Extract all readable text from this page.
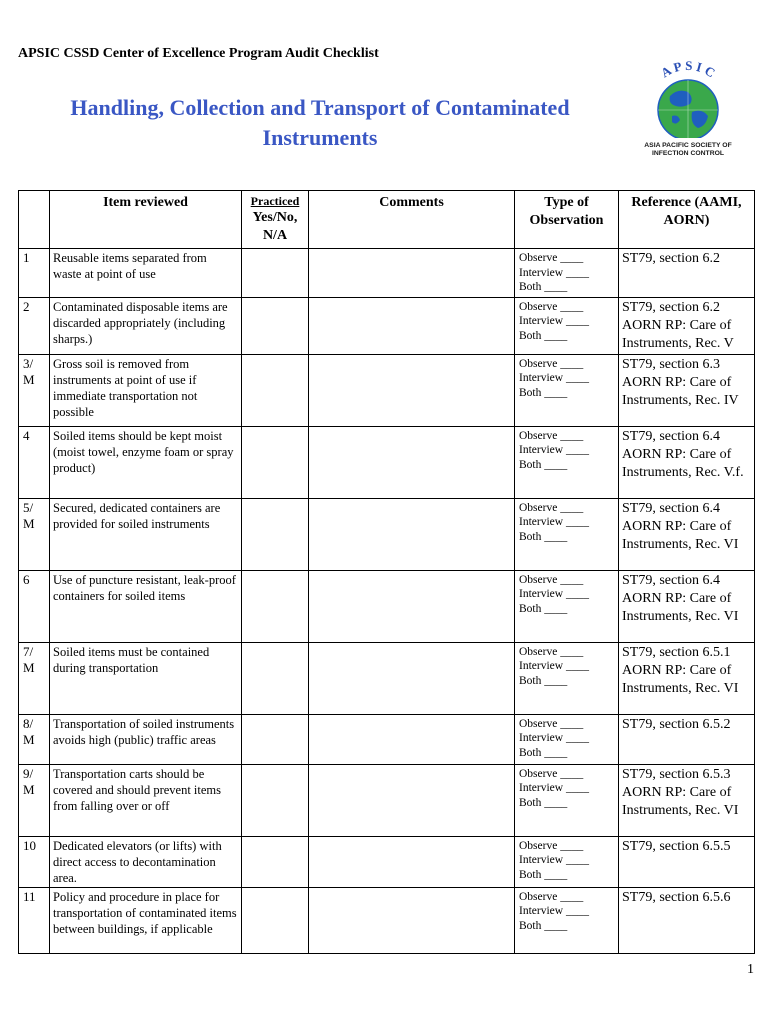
APSIC CSSD Center of Excellence Program Audit Checklist
Handling, Collection and Transport of Contaminated
Instruments
A P S I C
ASIA PACIFIC SOCIETY OF
INFECTION CONTROL
	Item reviewed	Practiced
Yes/No,
N/A	Comments	Type of Observation	Reference (AAMI, AORN)
1	Reusable items separated from waste at point of use			Observe ____
Interview ____
Both ____	ST79, section 6.2
2	Contaminated disposable items are discarded appropriately (including sharps.)			Observe ____
Interview ____
Both ____	ST79, section 6.2 AORN RP: Care of Instruments, Rec. V
3/ M	Gross soil is removed from instruments at point of use if immediate transportation not possible			Observe ____
Interview ____
Both ____	ST79, section 6.3 AORN RP: Care of Instruments, Rec. IV
4	Soiled items should be kept moist (moist towel, enzyme foam or spray product)			Observe ____
Interview ____
Both ____	ST79, section 6.4 AORN RP: Care of Instruments, Rec. V.f.
5/ M	Secured, dedicated containers are provided for soiled instruments			Observe ____
Interview ____
Both ____	ST79, section 6.4 AORN RP: Care of Instruments, Rec. VI
6	Use of puncture resistant, leak-proof containers for soiled items			Observe ____
Interview ____
Both ____	ST79, section 6.4 AORN RP: Care of Instruments, Rec. VI
7/ M	Soiled items must be contained during transportation			Observe ____
Interview ____
Both ____	ST79, section 6.5.1 AORN RP: Care of Instruments, Rec. VI
8/ M	Transportation of soiled instruments avoids high (public) traffic areas			Observe ____
Interview ____
Both ____	ST79, section 6.5.2
9/ M	Transportation carts should be covered and should prevent items from falling over or off			Observe ____
Interview ____
Both ____	ST79, section 6.5.3 AORN RP: Care of Instruments, Rec. VI
10	Dedicated elevators (or lifts) with direct access to decontamination area.			Observe ____
Interview ____
Both ____	ST79, section 6.5.5
11	Policy and procedure in place for transportation of contaminated items between buildings, if applicable			Observe ____
Interview ____
Both ____	ST79, section 6.5.6
1
